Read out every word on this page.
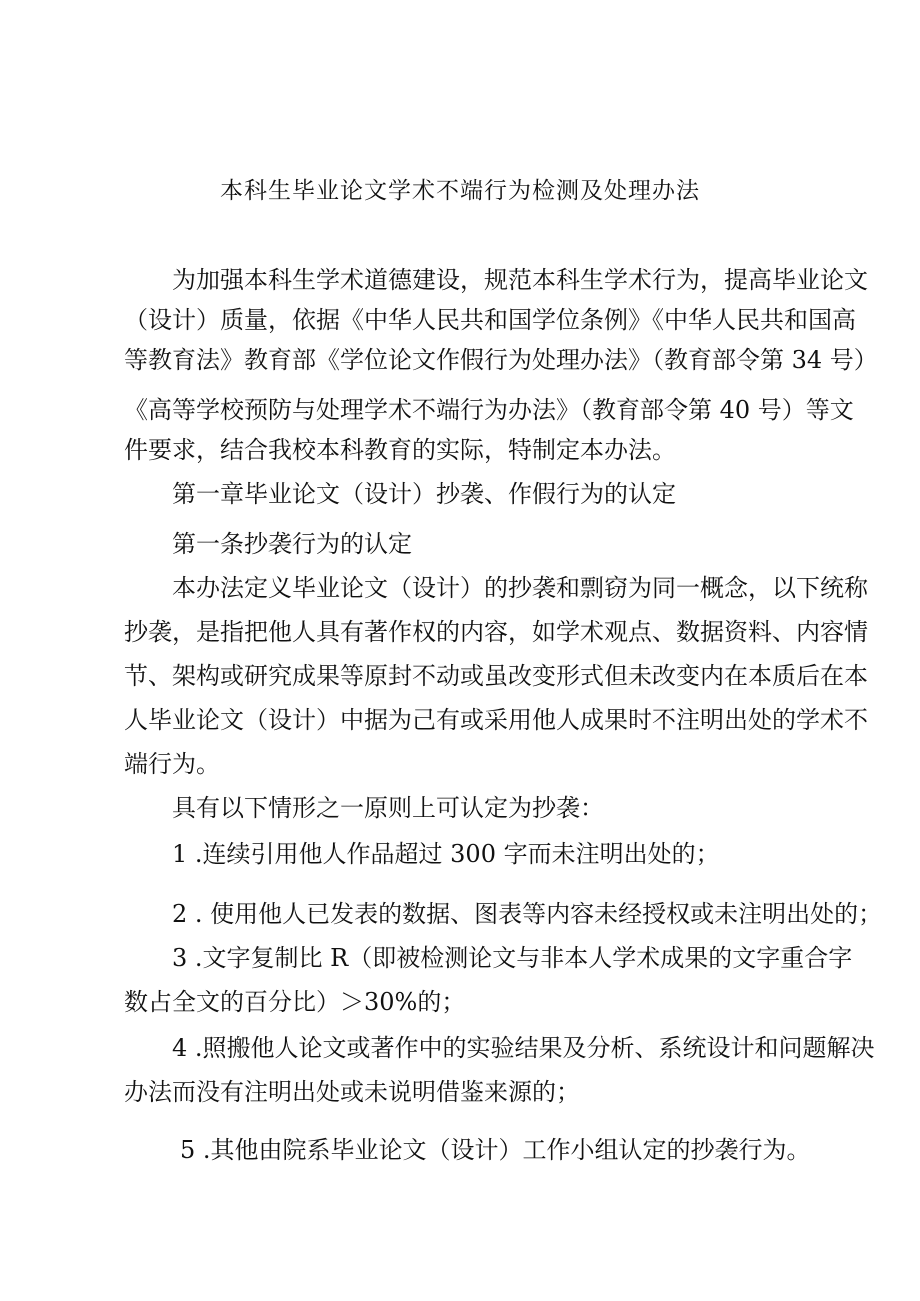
本科生毕业论文学术不端行为检测及处理办法
为加强本科生学术道德建设，规范本科生学术行为，提高毕业论文
（设计）质量，依据《中华人民共和国学位条例》《中华人民共和国高
等教育法》教育部《学位论文作假行为处理办法》（教育部令第 34 号）
《高等学校预防与处理学术不端行为办法》（教育部令第 40 号）等文
件要求，结合我校本科教育的实际，特制定本办法。
第一章毕业论文（设计）抄袭、作假行为的认定
第一条抄袭行为的认定
本办法定义毕业论文（设计）的抄袭和剽窃为同一概念，以下统称
抄袭，是指把他人具有著作权的内容，如学术观点、数据资料、内容情
节、架构或研究成果等原封不动或虽改变形式但未改变内在本质后在本
人毕业论文（设计）中据为己有或采用他人成果时不注明出处的学术不
端行为。
具有以下情形之一原则上可认定为抄袭：
1 .连续引用他人作品超过 300 字而未注明出处的；
2 . 使用他人已发表的数据、图表等内容未经授权或未注明出处的；
3 .文字复制比 R（即被检测论文与非本人学术成果的文字重合字
数占全文的百分比）＞30%的；
4 .照搬他人论文或著作中的实验结果及分析、系统设计和问题解决
办法而没有注明出处或未说明借鉴来源的；
5 .其他由院系毕业论文（设计）工作小组认定的抄袭行为。
